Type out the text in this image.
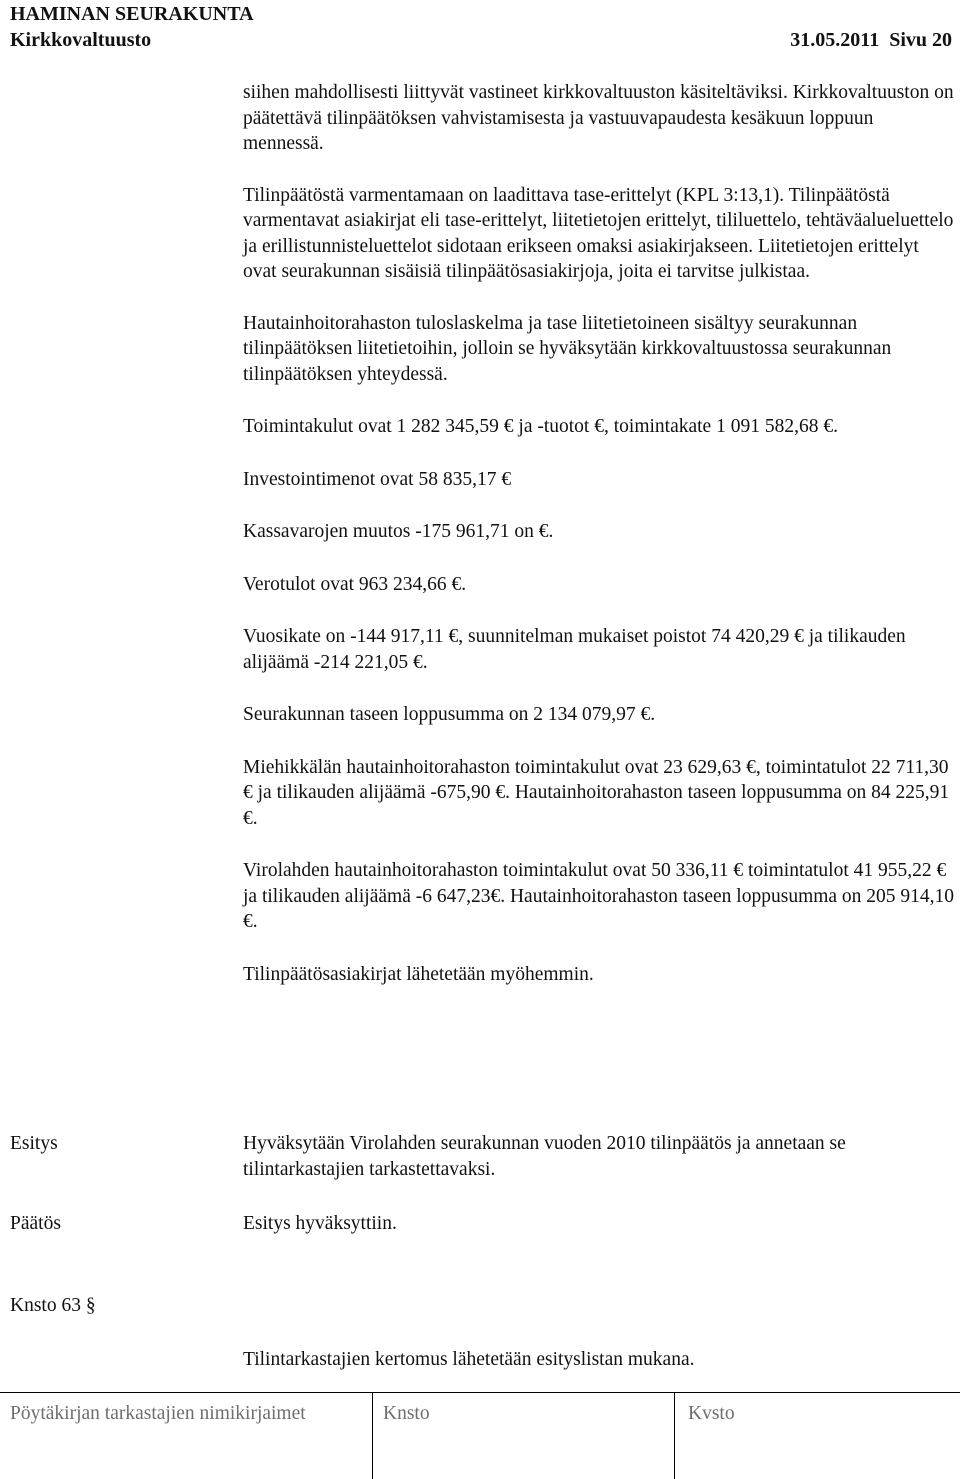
HAMINAN SEURAKUNTA
Kirkkovaltuusto	31.05.2011  Sivu 20

siihen mahdollisesti liittyvät vastineet kirkkovaltuuston käsiteltäviksi. Kirkkovaltuuston on päätettävä tilinpäätöksen vahvistamisesta ja vastuuvapaudesta kesäkuun loppuun mennessä.

Tilinpäätöstä varmentamaan on laadittava tase-erittelyt (KPL 3:13,1). Tilinpäätöstä varmentavat asiakirjat eli tase-erittelyt, liitetietojen erittelyt, tililuettelo, tehtäväalueluettelo ja erillistunnisteluettelot sidotaan erikseen omaksi asiakirjakseen. Liitetietojen erittelyt ovat seurakunnan sisäisiä tilinpäätösasiakirjoja, joita ei tarvitse julkistaa.

Hautainhoitorahaston tuloslaskelma ja tase liitetietoineen sisältyy seurakunnan tilinpäätöksen liitetietoihin, jolloin se hyväksytään kirkkovaltuustossa seurakunnan tilinpäätöksen yhteydessä.

Toimintakulut ovat 1 282 345,59 € ja -tuotot €, toimintakate 1 091 582,68 €.

Investointimenot ovat 58 835,17 €

Kassavarojen muutos -175 961,71 on €.

Verotulot ovat 963 234,66 €.

Vuosikate on -144 917,11 €, suunnitelman mukaiset poistot 74 420,29 € ja tilikauden alijäämä -214 221,05 €.

Seurakunnan taseen loppusumma on 2 134 079,97 €.

Miehikkälän hautainhoitorahaston toimintakulut ovat 23 629,63 €, toimintatulot 22 711,30 € ja tilikauden alijäämä -675,90 €. Hautainhoitorahaston taseen loppusumma on 84 225,91 €.

Virolahden hautainhoitorahaston toimintakulut ovat 50 336,11 € toimintatulot 41 955,22 € ja tilikauden alijäämä -6 647,23€. Hautainhoitorahaston taseen loppusumma on 205 914,10 €.

Tilinpäätösasiakirjat lähetetään myöhemmin.

Esitys	Hyväksytään Virolahden seurakunnan vuoden 2010 tilinpäätös ja annetaan se tilintarkastajien tarkastettavaksi.
Päätös	Esitys hyväksyttiin.
Knsto 63 §
Tilintarkastajien kertomus lähetetään esityslistan mukana.
Pöytäkirjan tarkastajien nimikirjaimet	Knsto	Kvsto
